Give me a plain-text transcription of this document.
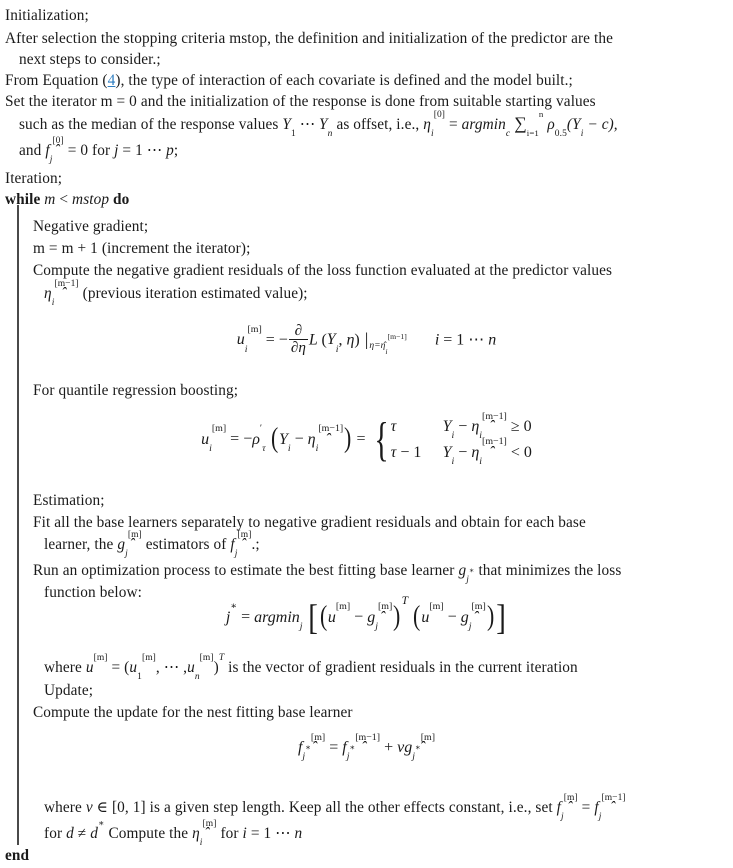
Initialization;
After selection the stopping criteria mstop, the definition and initialization of the predictor are the
next steps to consider.;
From Equation (4), the type of interaction of each covariate is defined and the model built.;
Set the iterator m = 0 and the initialization of the response is done from suitable starting values
such as the median of the response values $Y_1$ ⋯ $Y_n$ as offset, i.e., $\eta_i[0] = argmin_c$ $\sum_{i=1}^n$ $\rho_{0.5}(Y_i - c)$,
and ̂ $f_j[0] = 0$ for j = 1 ⋯ p;
Iteration;
while m < mstop do
Negative gradient;
m = m + 1 (increment the iterator);
Compute the negative gradient residuals of the loss function evaluated at the predictor values
̂ $\eta_i[m-1]$ (previous iteration estimated value);
$u_i[m]$ = − $\frac{\partial}{\partial\eta}$ L ($Y_i$, η) |η=̂ $\eta_i[m-1]$ i = 1 ⋯ n
For quantile regression boosting;
$u_i[m] = -\rho'_\tau$ ($Y_i$ − ̂ $\eta_i[m-1]$) = { τ	$Y_i$ − ̂ $\eta_i[m-1] \ge 0$
τ − 1 $Y_i$ − ̂ $\eta_i[m-1] < 0$
Estimation;
Fit all the base learners separately to negative gradient residuals and obtain for each base
learner, the ̂ $g_j[m]$ estimators of ̂ $f_j[m]$.;
Run an optimization process to estimate the best fitting base learner $g_{j^∗}$ that minimizes the loss
function below:
j∗ = argmin$_j$ [(u[m] − ̂ $g_j[m])^T$ (u[m] − ̂ $g_j[m]$)]
where $u[m] = (u_1[m]$, ⋯ $,u_n[m])^T$ is the vector of gradient residuals in the current iteration
Update;
Compute the update for the nest fitting base learner
̂ $f_{j^∗}[m]$ = ̂ $f_{j^∗}[m-1]$ + ν̂ $g_{j^∗}[m]$
where ν ∈ [0, 1] is a given step length. Keep all the other effects constant, i.e., set ̂ $f_j[m]$ = ̂ $f_j[m-1]$
for d ≠ d∗ Compute the ̂ $\eta_i[m]$ for i = 1 ⋯ n
end
